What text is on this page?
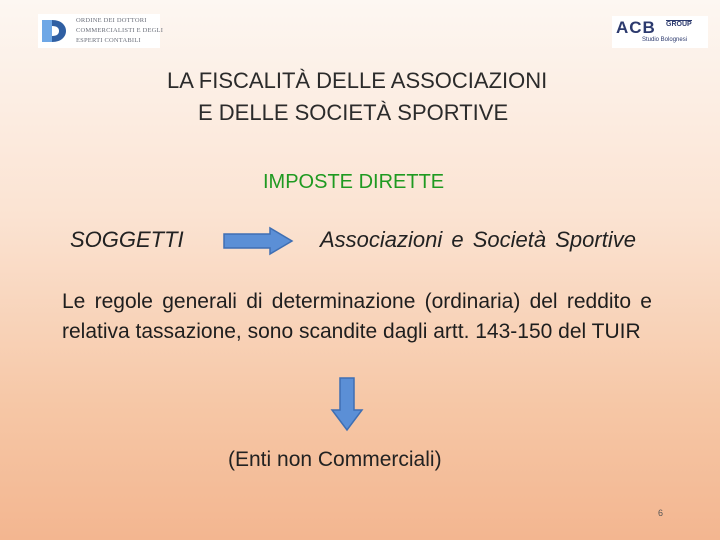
ORDINE DEI DOTTORI
COMMERCIALISTI E DEGLI
ESPERTI CONTABILI
ACB GROUP
Studio Bolognesi
LA FISCALITÀ DELLE ASSOCIAZIONI
E DELLE SOCIETÀ SPORTIVE
IMPOSTE DIRETTE
SOGGETTI	Associazioni e Società Sportive
Le regole generali di determinazione (ordinaria) del reddito e relativa tassazione, sono scandite dagli artt. 143-150 del TUIR
(Enti non Commerciali)
6
